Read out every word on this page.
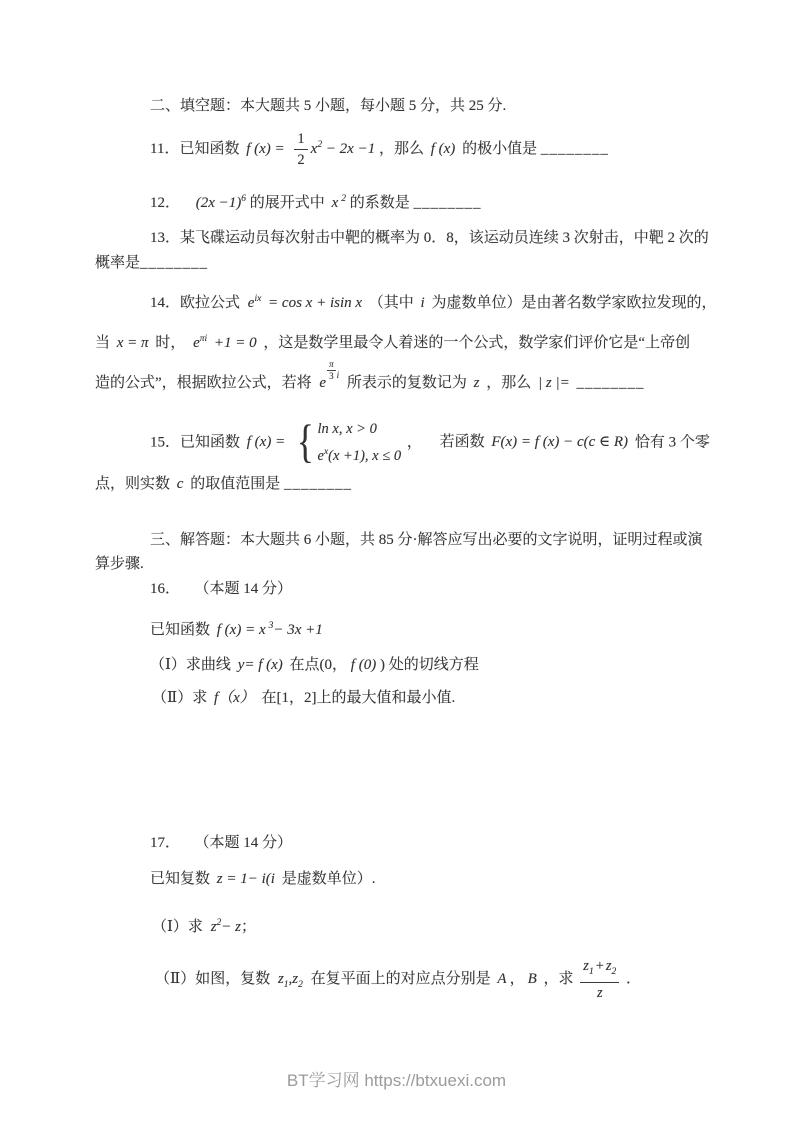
二、填空题：本大题共 5 小题，每小题 5 分，共 25 分.
11．已知函数 f $(x) = \frac{1}{2} x^2 - 2x -1$ ，那么 f (x) 的极小值是 ________
12． $(2x -1)^6$ 的展开式中 x $^2$ 的系数是 ________
13．某飞碟运动员每次射击中靶的概率为 0．8，该运动员连续 3 次射击，中靶 2 次的
概率是________
14．欧拉公式 $e^{ix} = \cos x + isin$ x （其中 i 为虚数单位）是由著名数学家欧拉发现的，
当 x = π 时， $e^{\pi i} +1 = 0$ ，这是数学里最令人着迷的一个公式，数学家们评价它是“上帝创
造的公式”，根据欧拉公式，若将 e
$\frac{\pi}{3} ^i$ 所表示的复数记为 z ，那么 | z |= ________
15．已知函数 f (x) = { ln x, x > 0
$e^x(x +1)$, x ≤ 0
， 若函数 F(x) = f (x) − c(c ∈ R) 恰有 3 个零
点，则实数 c 的取值范围是 ________
三、解答题：本大题共 6 小题，共 85 分·解答应写出必要的文字说明，证明过程或演
算步骤.
16． （本题 14 分）
已知函数 f (x) = x $^3$− 3x +1
（Ⅰ）求曲线 y= f (x) 在点(0， f (0) ) 处的切线方程
（Ⅱ）求 f（x） 在[1，2]上的最大值和最小值.
17． （本题 14 分）
已知复数 z = 1− i(i 是虚数单位）.
（Ⅰ）求 $z^2- z$；
（Ⅱ）如图，复数 $z_1,z_2$ 在复平面上的对应点分别是 A ， B ，求 $\frac{z_1 + z_2}{z}$ ．
BT学习网 https://btxuexi.com
